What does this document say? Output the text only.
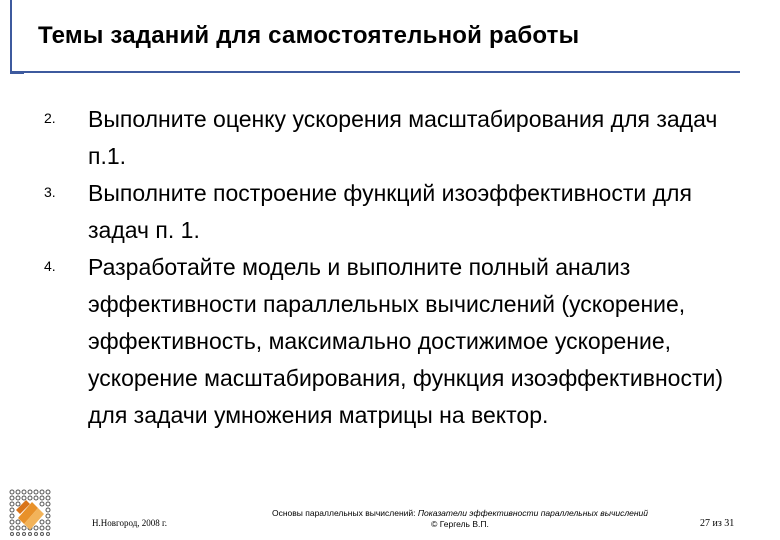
Темы заданий для самостоятельной работы
2.	Выполните оценку ускорения масштабирования для задач п.1.
3.	Выполните построение функций изоэффективности для задач п. 1.
4.	Разработайте модель и выполните полный анализ эффективности параллельных вычислений (ускорение, эффективность, максимально достижимое ускорение, ускорение масштабирования, функция изоэффективности) для задачи умножения матрицы на вектор.
Н.Новгород, 2008 г.
Основы параллельных вычислений: Показатели эффективности параллельных вычислений
© Гергель В.П.	27 из 31
